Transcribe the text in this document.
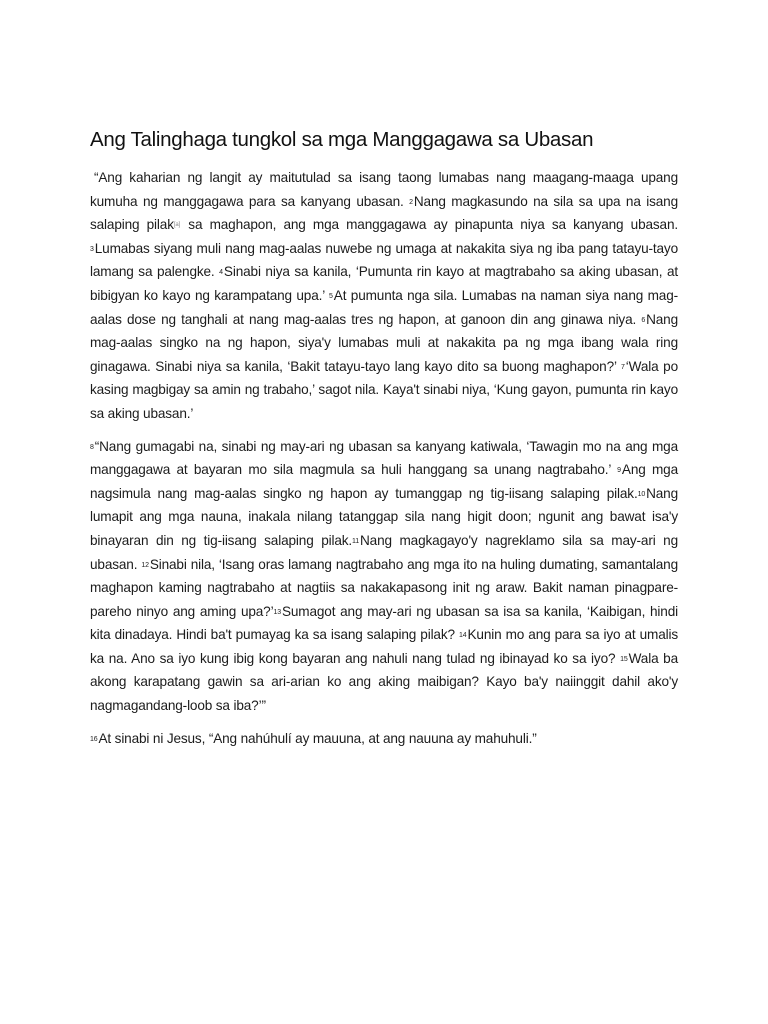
Ang Talinghaga tungkol sa mga Manggagawa sa Ubasan

“Ang kaharian ng langit ay maitutulad sa isang taong lumabas nang maagang-maaga upang kumuha ng manggagawa para sa kanyang ubasan. 2Nang magkasundo na sila sa upa na isang salaping pilak[a] sa maghapon, ang mga manggagawa ay pinapunta niya sa kanyang ubasan. 3Lumabas siyang muli nang mag-aalas nuwebe ng umaga at nakakita siya ng iba pang tatayu-tayo lamang sa palengke. 4Sinabi niya sa kanila, ‘Pumunta rin kayo at magtrabaho sa aking ubasan, at bibigyan ko kayo ng karampatang upa.’ 5At pumunta nga sila. Lumabas na naman siya nang mag-aalas dose ng tanghali at nang mag-aalas tres ng hapon, at ganoon din ang ginawa niya. 6Nang mag-aalas singko na ng hapon, siya'y lumabas muli at nakakita pa ng mga ibang wala ring ginagawa. Sinabi niya sa kanila, ‘Bakit tatayu-tayo lang kayo dito sa buong maghapon?’ 7‘Wala po kasing magbigay sa amin ng trabaho,’ sagot nila. Kaya't sinabi niya, ‘Kung gayon, pumunta rin kayo sa aking ubasan.’

8“Nang gumagabi na, sinabi ng may-ari ng ubasan sa kanyang katiwala, ‘Tawagin mo na ang mga manggagawa at bayaran mo sila magmula sa huli hanggang sa unang nagtrabaho.’ 9Ang mga nagsimula nang mag-aalas singko ng hapon ay tumanggap ng tig-iisang salaping pilak.10Nang lumapit ang mga nauna, inakala nilang tatanggap sila nang higit doon; ngunit ang bawat isa'y binayaran din ng tig-iisang salaping pilak.11Nang magkagayo'y nagreklamo sila sa may-ari ng ubasan. 12Sinabi nila, ‘Isang oras lamang nagtrabaho ang mga ito na huling dumating, samantalang maghapon kaming nagtrabaho at nagtiis sa nakakapasong init ng araw. Bakit naman pinagpare-pareho ninyo ang aming upa?’13Sumagot ang may-ari ng ubasan sa isa sa kanila, ‘Kaibigan, hindi kita dinadaya. Hindi ba't pumayag ka sa isang salaping pilak? 14Kunin mo ang para sa iyo at umalis ka na. Ano sa iyo kung ibig kong bayaran ang nahuli nang tulad ng ibinayad ko sa iyo? 15Wala ba akong karapatang gawin sa ari-arian ko ang aking maibigan? Kayo ba'y naiinggit dahil ako'y nagmagandang-loob sa iba?’”

16At sinabi ni Jesus, “Ang nahúhulí ay mauuna, at ang nauuna ay mahuhuli.”
